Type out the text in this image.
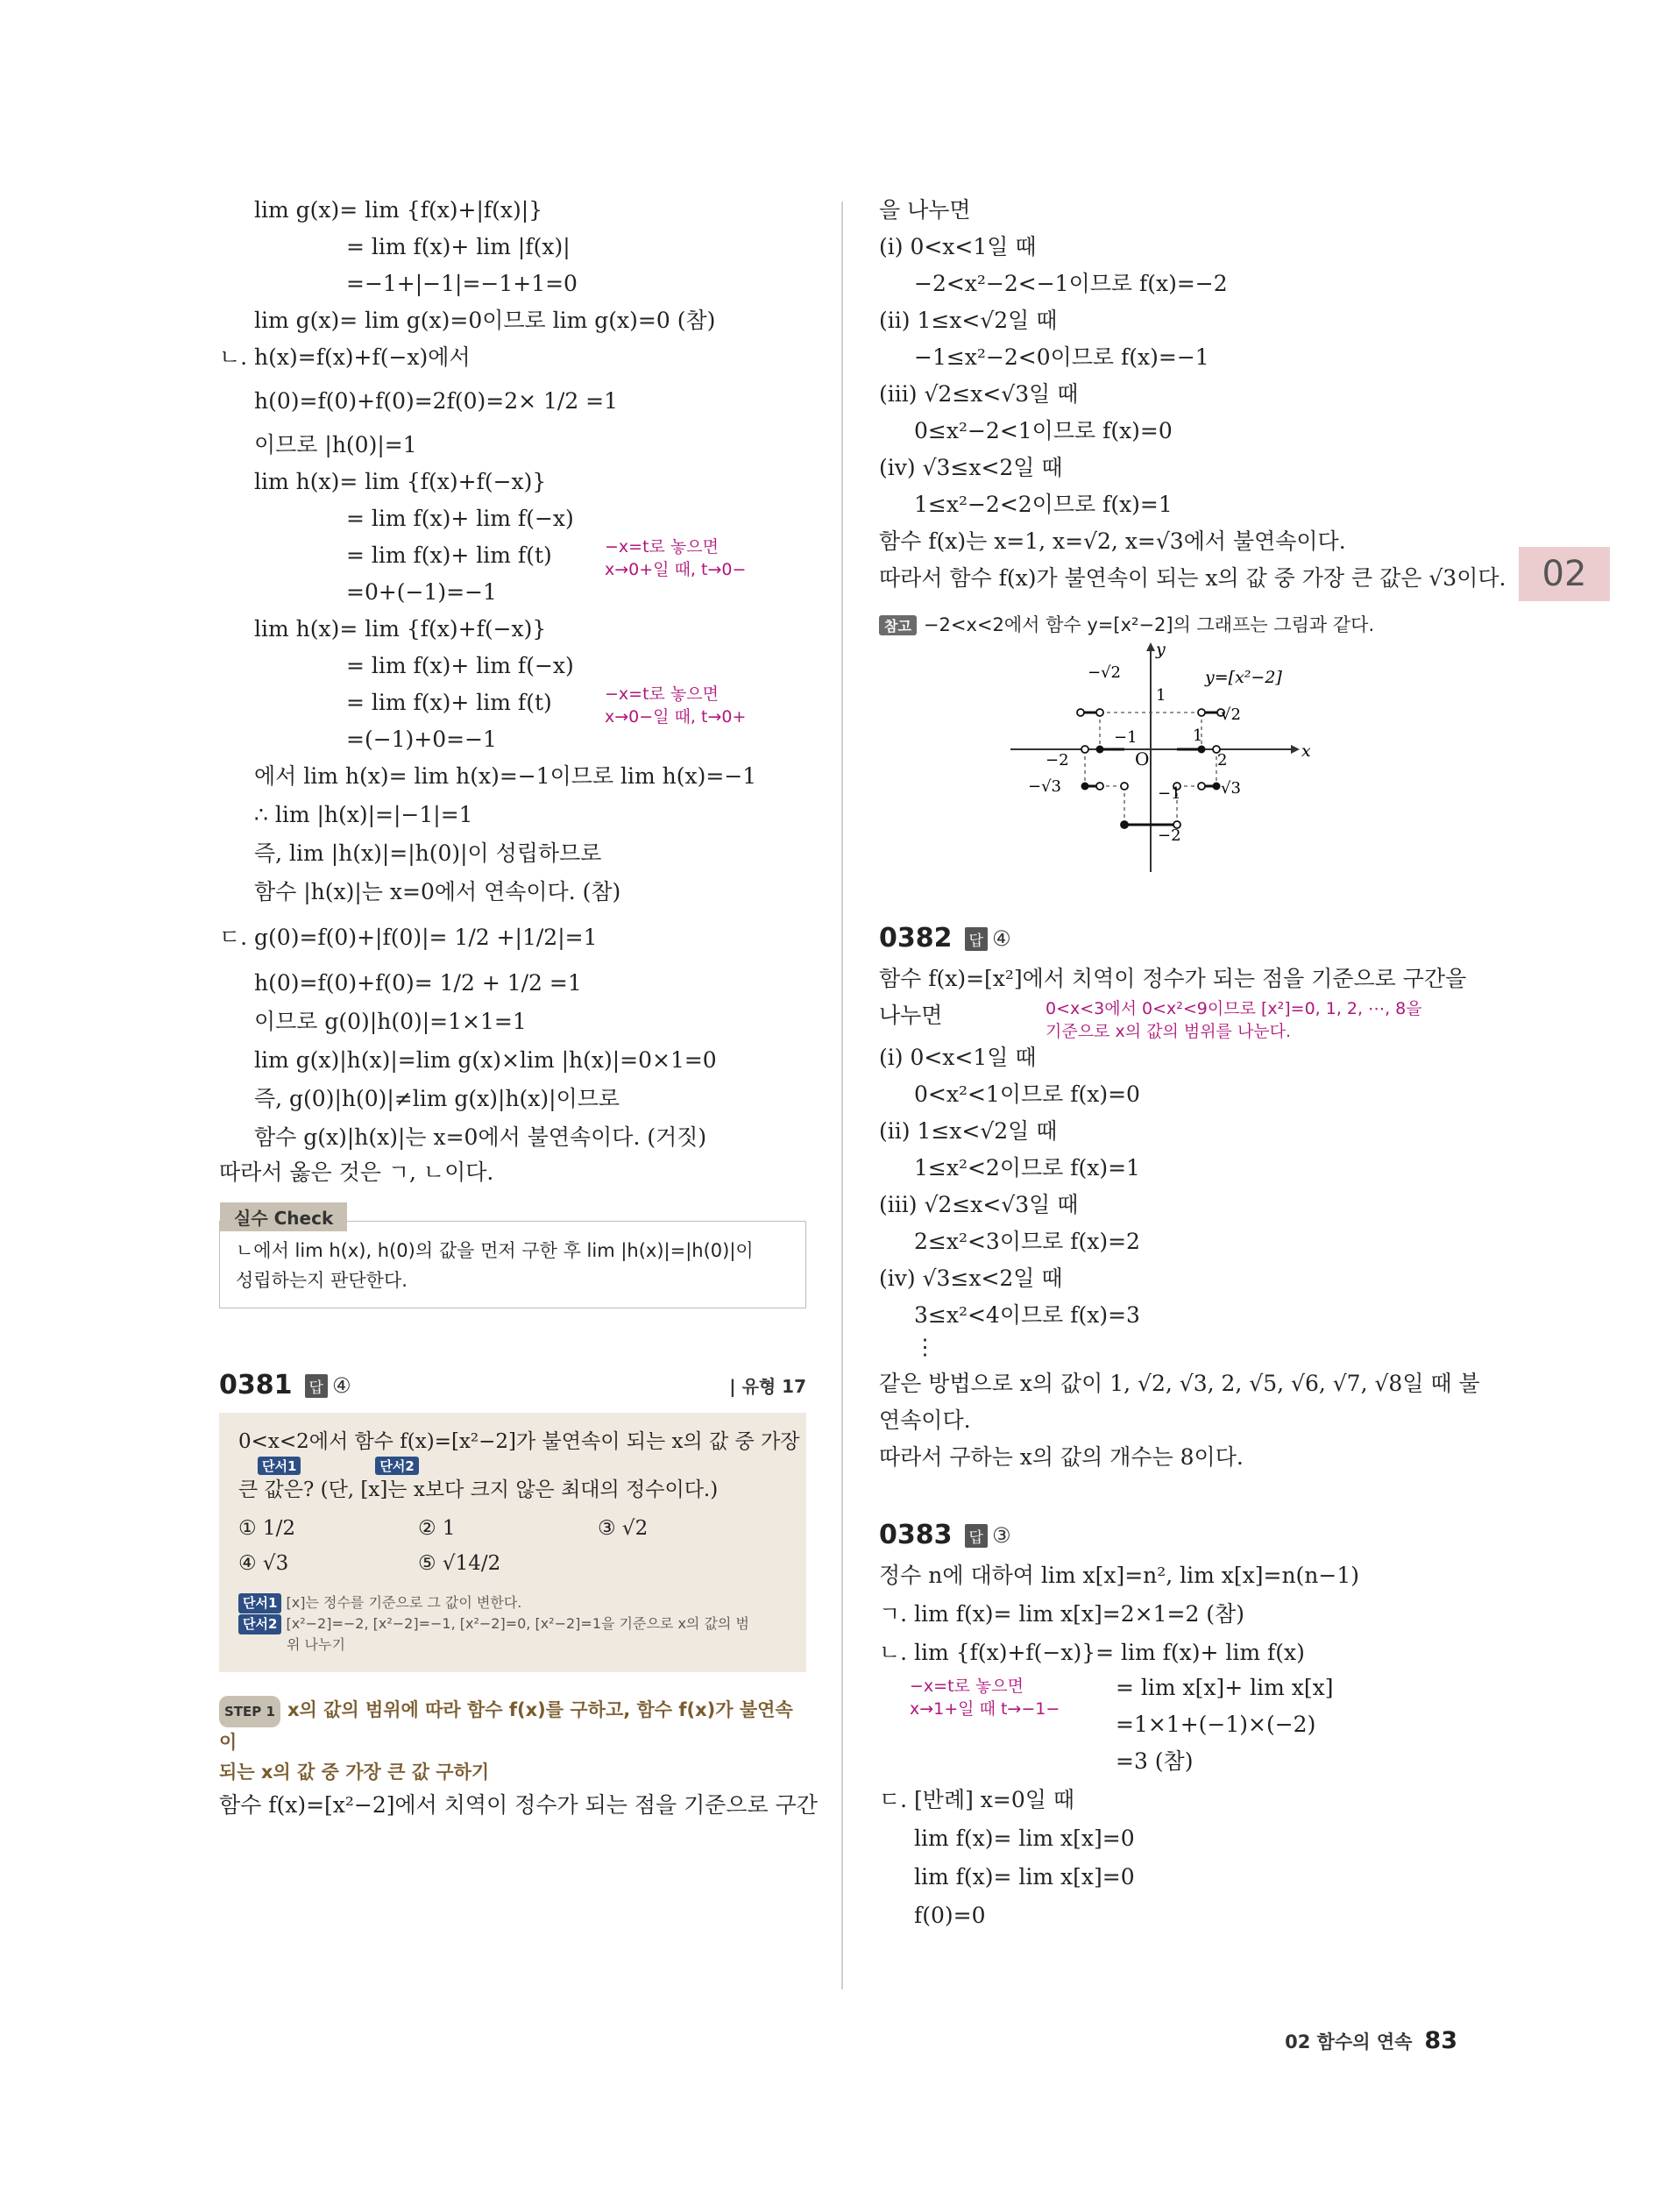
02

lim g(x)= lim {f(x)+|f(x)|}

= lim f(x)+ lim |f(x)|

=−1+|−1|=−1+1=0

lim g(x)= lim g(x)=0이므로 lim g(x)=0 (참)

ㄴ. h(x)=f(x)+f(−x)에서

h(0)=f(0)+f(0)=2f(0)=2× 1/2 =1

이므로 |h(0)|=1

lim h(x)= lim {f(x)+f(−x)}

= lim f(x)+ lim f(−x)

= lim f(x)+ lim f(t)	−x=t로 놓으면
x→0+일 때, t→0−

=0+(−1)=−1

lim h(x)= lim {f(x)+f(−x)}

= lim f(x)+ lim f(−x)

= lim f(x)+ lim f(t)	−x=t로 놓으면
x→0−일 때, t→0+

=(−1)+0=−1

에서 lim h(x)= lim h(x)=−1이므로 lim h(x)=−1

∴ lim |h(x)|=|−1|=1

즉, lim |h(x)|=|h(0)|이 성립하므로

함수 |h(x)|는 x=0에서 연속이다. (참)

ㄷ. g(0)=f(0)+|f(0)|= 1/2 +|1/2|=1

h(0)=f(0)+f(0)= 1/2 + 1/2 =1

이므로 g(0)|h(0)|=1×1=1

lim g(x)|h(x)|=lim g(x)×lim |h(x)|=0×1=0

즉, g(0)|h(0)|≠lim g(x)|h(x)|이므로

함수 g(x)|h(x)|는 x=0에서 불연속이다. (거짓)

따라서 옳은 것은 ㄱ, ㄴ이다.

실수 Check

ㄴ에서 lim h(x), h(0)의 값을 먼저 구한 후 lim |h(x)|=|h(0)|이

성립하는지 판단한다.

0381 답 ④	| 유형 17

0<x<2에서 함수 f(x)=[x²−2]가 불연속이 되는 x의 값 중 가장

단서1	단서2

큰 값은? (단, [x]는 x보다 크지 않은 최대의 정수이다.)

① 1/2	② 1	③ √2
④ √3	⑤ √14/2

단서1 [x]는 정수를 기준으로 그 값이 변한다.

단서2 [x²−2]=−2, [x²−2]=−1, [x²−2]=0, [x²−2]=1을 기준으로 x의 값의 범

위 나누기

STEP 1 x의 값의 범위에 따라 함수 f(x)를 구하고, 함수 f(x)가 불연속이

되는 x의 값 중 가장 큰 값 구하기

함수 f(x)=[x²−2]에서 치역이 정수가 되는 점을 기준으로 구간

을 나누면

(ⅰ) 0<x<1일 때

−2<x²−2<−1이므로 f(x)=−2

(ⅱ) 1≤x<√2일 때

−1≤x²−2<0이므로 f(x)=−1

(ⅲ) √2≤x<√3일 때

0≤x²−2<1이므로 f(x)=0

(ⅳ) √3≤x<2일 때

1≤x²−2<2이므로 f(x)=1

함수 f(x)는 x=1, x=√2, x=√3에서 불연속이다.

따라서 함수 f(x)가 불연속이 되는 x의 값 중 가장 큰 값은 √3이다.

참고 −2<x<2에서 함수 y=[x²−2]의 그래프는 그림과 같다.

y
x
O
y=[x²−2]
−√2
1
−1	1
−2	2
−√3	√3
√2
−1
−2
0382 답 ④

함수 f(x)=[x²]에서 치역이 정수가 되는 점을 기준으로 구간을

나누면	0<x<3에서 0<x²<9이므로 [x²]=0, 1, 2, ⋯, 8을
기준으로 x의 값의 범위를 나눈다.

(ⅰ) 0<x<1일 때

0<x²<1이므로 f(x)=0

(ⅱ) 1≤x<√2일 때

1≤x²<2이므로 f(x)=1

(ⅲ) √2≤x<√3일 때

2≤x²<3이므로 f(x)=2

(ⅳ) √3≤x<2일 때

3≤x²<4이므로 f(x)=3

⋮

같은 방법으로 x의 값이 1, √2, √3, 2, √5, √6, √7, √8일 때 불

연속이다.

따라서 구하는 x의 값의 개수는 8이다.

0383 답 ③

정수 n에 대하여 lim x[x]=n², lim x[x]=n(n−1)

ㄱ. lim f(x)= lim x[x]=2×1=2 (참)

ㄴ. lim {f(x)+f(−x)}= lim f(x)+ lim f(x)

−x=t로 놓으면
x→1+일 때 t→−1−

= lim x[x]+ lim x[x]

=1×1+(−1)×(−2)

=3 (참)

ㄷ. [반례] x=0일 때

lim f(x)= lim x[x]=0

lim f(x)= lim x[x]=0

f(0)=0

02 함수의 연속 83
